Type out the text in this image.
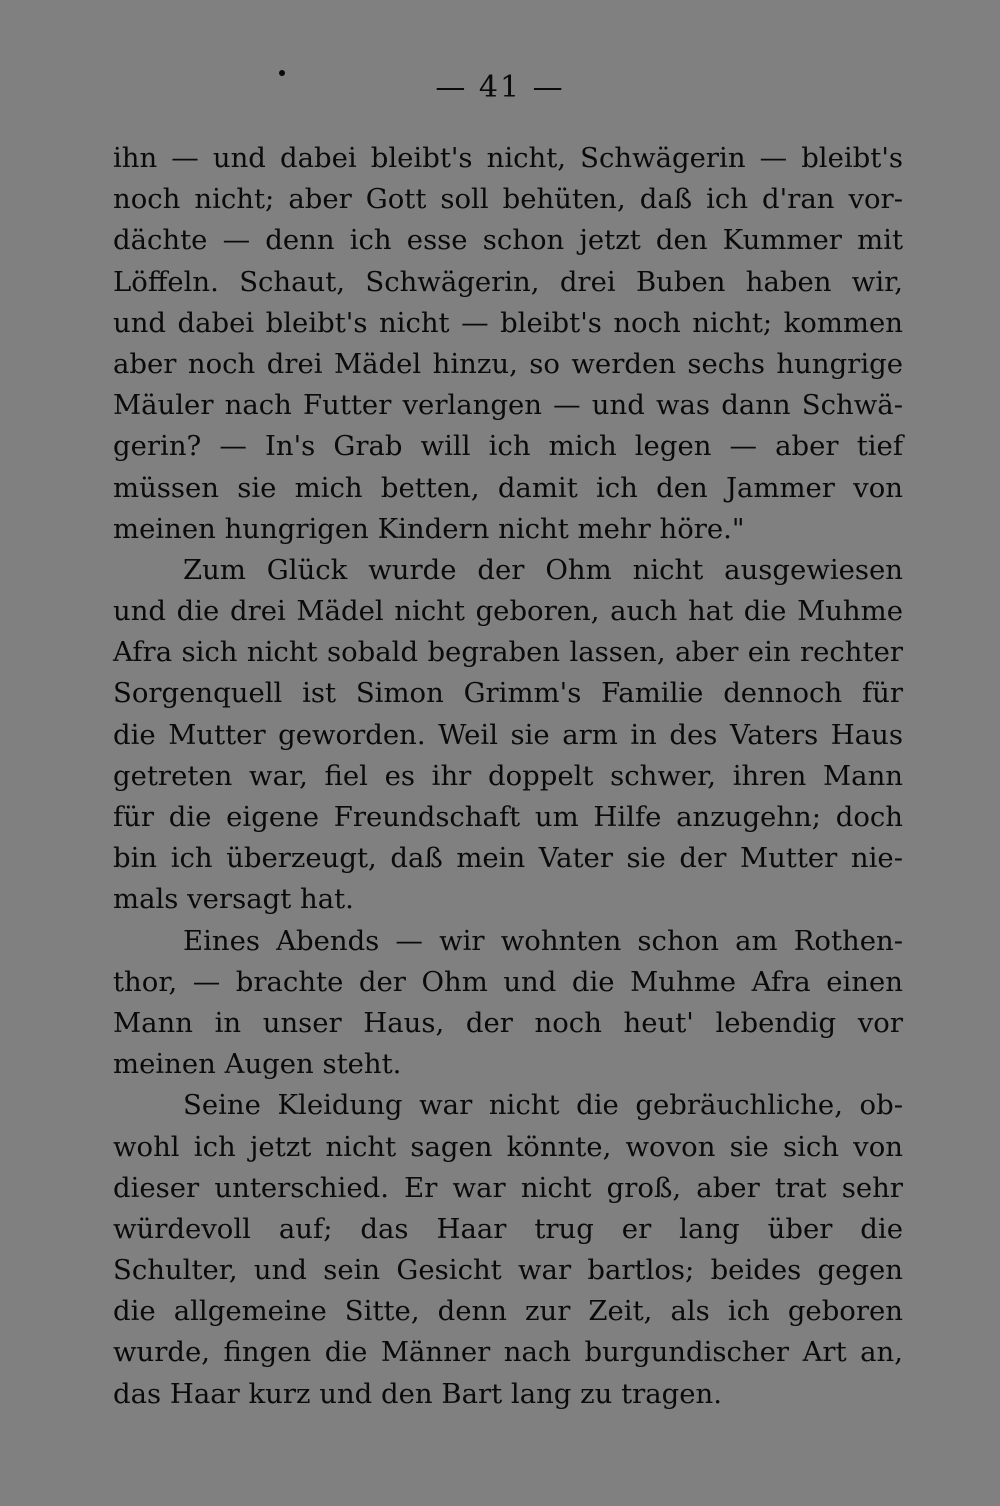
— 41 —
ihn — und dabei bleibt's nicht, Schwägerin — bleibt's
noch nicht; aber Gott soll behüten, daß ich d'ran vor-
dächte — denn ich esse schon jetzt den Kummer mit
Löffeln. Schaut, Schwägerin, drei Buben haben wir,
und dabei bleibt's nicht — bleibt's noch nicht; kommen
aber noch drei Mädel hinzu, so werden sechs hungrige
Mäuler nach Futter verlangen — und was dann Schwä-
gerin? — In's Grab will ich mich legen — aber tief
müssen sie mich betten, damit ich den Jammer von
meinen hungrigen Kindern nicht mehr höre."
Zum Glück wurde der Ohm nicht ausgewiesen
und die drei Mädel nicht geboren, auch hat die Muhme
Afra sich nicht sobald begraben lassen, aber ein rechter
Sorgenquell ist Simon Grimm's Familie dennoch für
die Mutter geworden. Weil sie arm in des Vaters Haus
getreten war, fiel es ihr doppelt schwer, ihren Mann
für die eigene Freundschaft um Hilfe anzugehn; doch
bin ich überzeugt, daß mein Vater sie der Mutter nie-
mals versagt hat.
Eines Abends — wir wohnten schon am Rothen-
thor, — brachte der Ohm und die Muhme Afra einen
Mann in unser Haus, der noch heut' lebendig vor
meinen Augen steht.
Seine Kleidung war nicht die gebräuchliche, ob-
wohl ich jetzt nicht sagen könnte, wovon sie sich von
dieser unterschied. Er war nicht groß, aber trat sehr
würdevoll auf; das Haar trug er lang über die
Schulter, und sein Gesicht war bartlos; beides gegen
die allgemeine Sitte, denn zur Zeit, als ich geboren
wurde, fingen die Männer nach burgundischer Art an,
das Haar kurz und den Bart lang zu tragen.
